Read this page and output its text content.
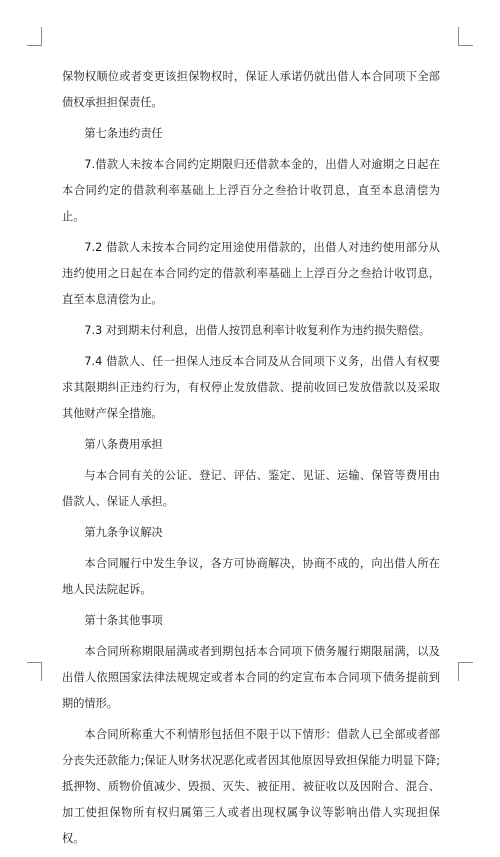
保物权顺位或者变更该担保物权时，保证人承诺仍就出借人本合同项下全部债权承担担保责任。

第七条违约责任

7.借款人未按本合同约定期限归还借款本金的，出借人对逾期之日起在本合同约定的借款利率基础上上浮百分之叁拾计收罚息，直至本息清偿为止。

7.2 借款人未按本合同约定用途使用借款的，出借人对违约使用部分从违约使用之日起在本合同约定的借款利率基础上上浮百分之叁拾计收罚息，直至本息清偿为止。

7.3 对到期未付利息，出借人按罚息利率计收复利作为违约损失赔偿。

7.4 借款人、任一担保人违反本合同及从合同项下义务，出借人有权要求其限期纠正违约行为，有权停止发放借款、提前收回已发放借款以及采取其他财产保全措施。

第八条费用承担

与本合同有关的公证、登记、评估、鉴定、见证、运输、保管等费用由借款人、保证人承担。

第九条争议解决

本合同履行中发生争议，各方可协商解决，协商不成的，向出借人所在地人民法院起诉。

第十条其他事项

本合同所称期限届满或者到期包括本合同项下债务履行期限届满，以及出借人依照国家法律法规规定或者本合同的约定宣布本合同项下债务提前到期的情形。

本合同所称重大不利情形包括但不限于以下情形：借款人已全部或者部分丧失还款能力;保证人财务状况恶化或者因其他原因导致担保能力明显下降;抵押物、质物价值减少、毁损、灭失、被征用、被征收以及因附合、混合、加工使担保物所有权归属第三人或者出现权属争议等影响出借人实现担保权。
